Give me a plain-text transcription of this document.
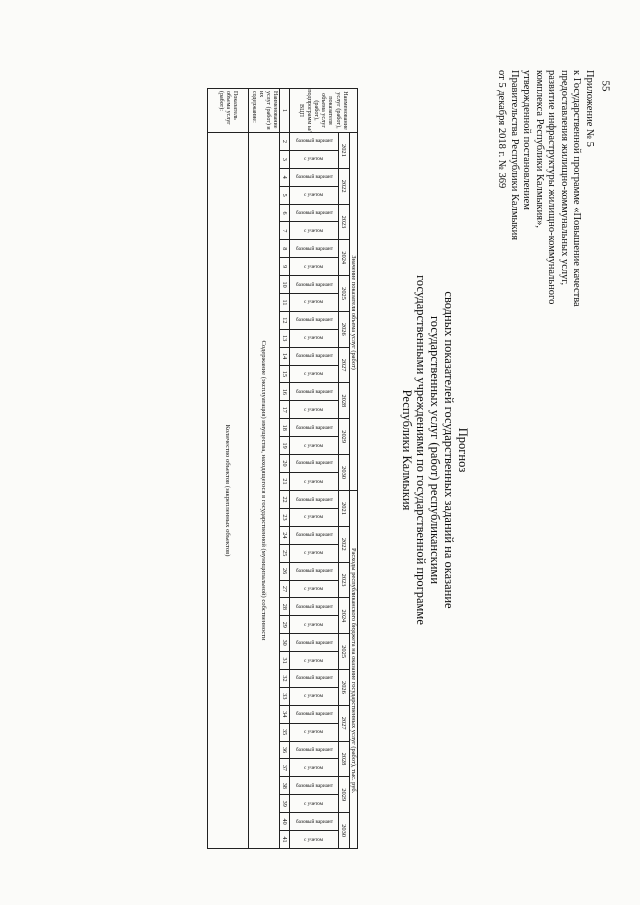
55
Приложение № 5
к Государственной программе «Повышение качества
предоставления жилищно-коммунальных услуг,
развитие инфраструктуры жилищно-коммунального
комплекса Республики Калмыкия»,
утвержденной постановлением
Правительства Республики Калмыкия
от 5 декабря 2018 г. № 369
Прогноз
сводных показателей государственных заданий на оказание
государственных услуг (работ) республиканскими
государственными учреждениями по государственной программе
Республики Калмыкия
Наименование услуг (работ), показателя объема услуг (работ), подпрограмм ы/ВЦП	Значение показателя объема услуг (работ)																				Расходы республиканского бюджета на оказание государственных услуг (работ), тыс. руб.																			
	2021		2022		2023		2024		2025		2026		2027		2028		2029		2030		2021		2022		2023		2024		2025		2026		2027		2028		2029		2030	

	базовый вариант	с учетом	базовый вариант	с учетом	базовый вариант	с учетом	базовый вариант	с учетом	базовый вариант	с учетом	базовый вариант	с учетом	базовый вариант	с учетом	базовый вариант	с учетом	базовый вариант	с учетом	базовый вариант	с учетом	базовый вариант	с учетом	базовый вариант	с учетом	базовый вариант	с учетом	базовый вариант	с учетом	базовый вариант	с учетом	базовый вариант	с учетом	базовый вариант	с учетом	базовый вариант	с учетом	базовый вариант	с учетом	базовый вариант	с учетом

1	2	3	4	5	6	7	8	9	10	11	12	13	14	15	16	17	18	19	20	21	22	23	24	25	26	27	28	29	30	31	32	33	34	35	36	37	38	39	40	41
Наименование услуг (работ) и их содержание:	Содержание (эксплуатация) имущества, находящегося в государственной (муниципальной) собственности																																							
Показатель объема услуг (работ):	Количество объектов (закрепленных объектов)																																							
